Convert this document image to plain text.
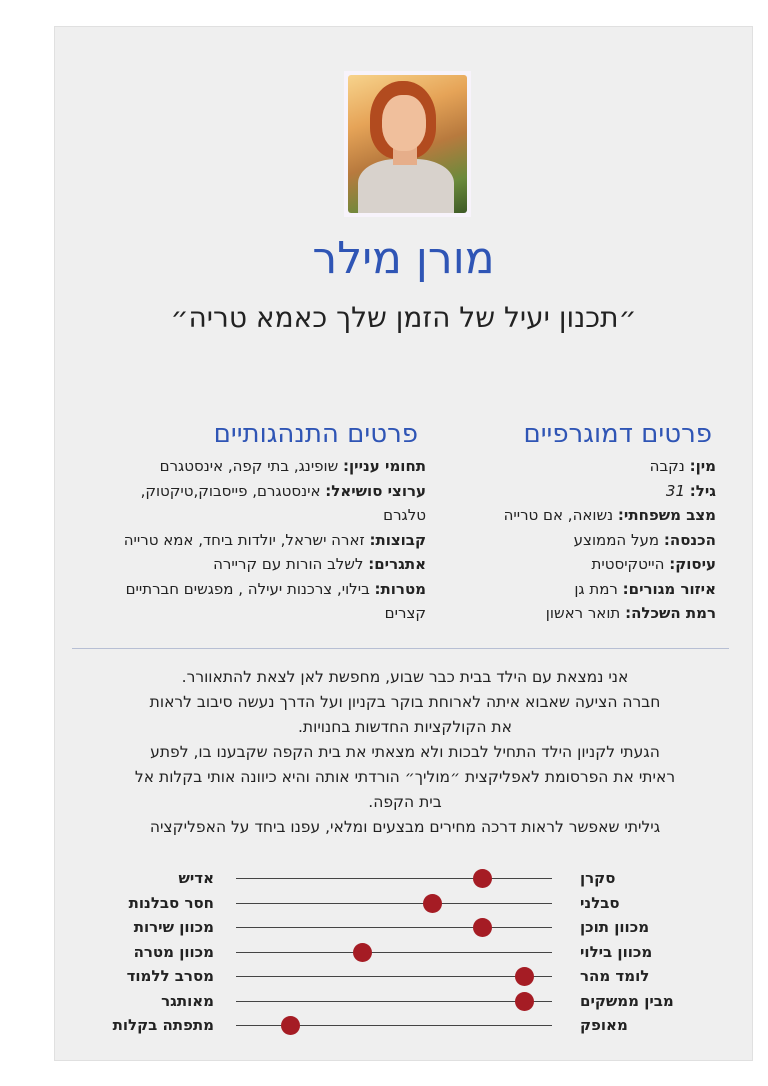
מורן מילר
״תכנון יעיל של הזמן שלך כאמא טריה״
פרטים דמוגרפיים
מין: נקבה
גיל: 31
מצב משפחתי: נשואה, אם טרייה
הכנסה: מעל הממוצע
עיסוק: הייטקיסטית
איזור מגורים: רמת גן
רמת השכלה: תואר ראשון
פרטים התנהגותיים
תחומי עניין: שופינג, בתי קפה, אינסטגרם
ערוצי סושיאל: אינסטגרם, פייסבוק,טיקטוק,
טלגרם
קבוצות: זארה ישראל, יולדות ביחד, אמא טרייה
אתגרים: לשלב הורות עם קריירה
מטרות: בילוי, צרכנות יעילה , מפגשים חברתיים
קצרים
אני נמצאת עם הילד בבית כבר שבוע, מחפשת לאן לצאת להתאוורר.
חברה הציעה שאבוא איתה לארוחת בוקר בקניון ועל הדרך נעשה סיבוב לראות
את הקולקציות החדשות בחנויות.
הגעתי לקניון הילד התחיל לבכות ולא מצאתי את בית הקפה שקבענו בו, לפתע
ראיתי את הפרסומת לאפליקצית ״מוליך״ הורדתי אותה והיא כיוונה אותי בקלות אל
בית הקפה.
גיליתי שאפשר לראות דרכה מחירים מבצעים ומלאי, עפנו ביחד על האפליקציה
סקרן
אדיש
סבלני
חסר סבלנות
מכוון תוכן
מכוון שירות
מכוון בילוי
מכוון מטרה
לומד מהר
מסרב ללמוד
מבין ממשקים
מאותגר
מאופק
מתפתה בקלות
